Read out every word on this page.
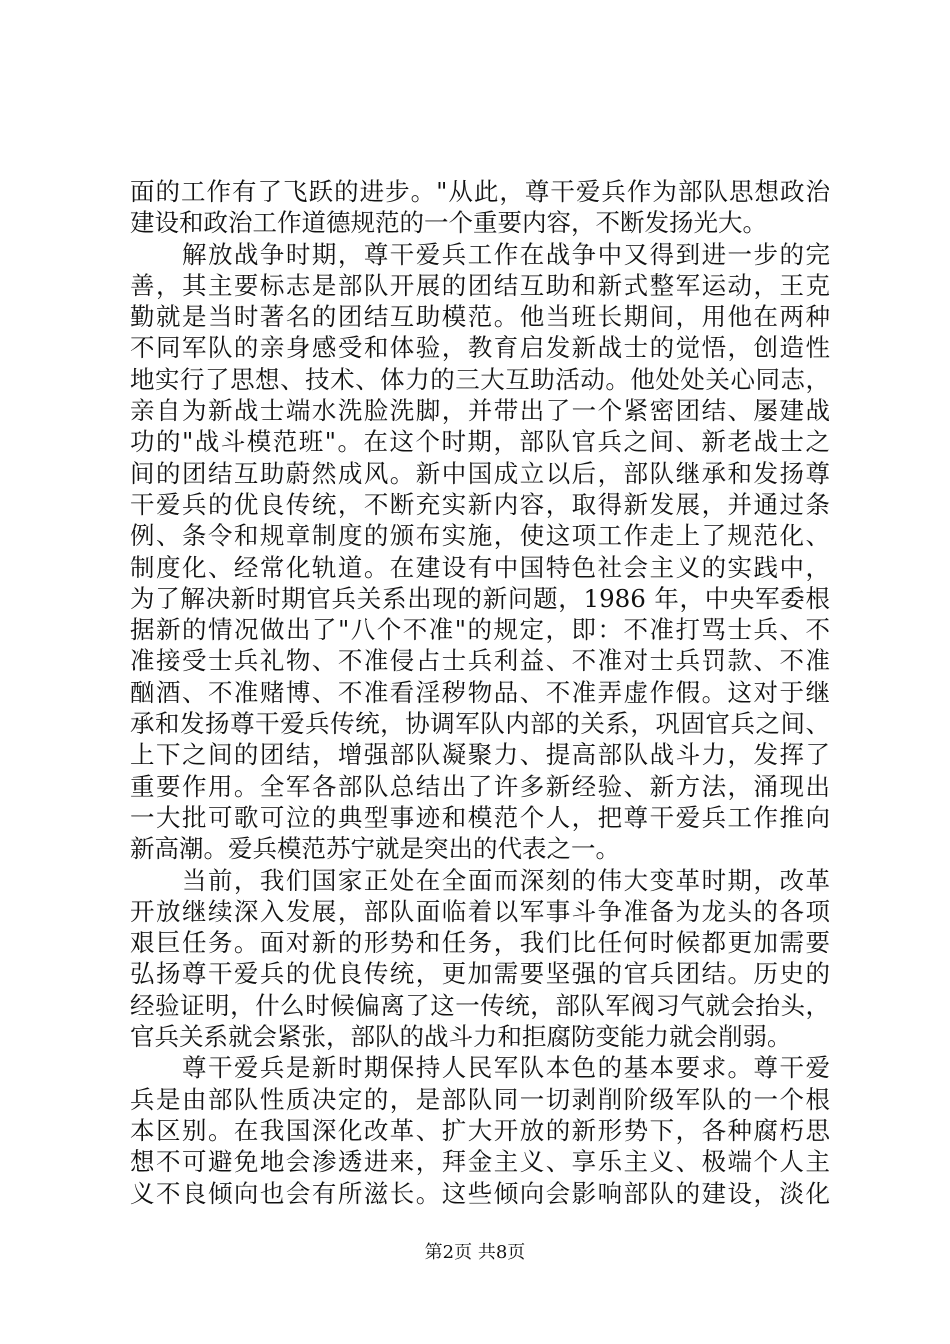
面的工作有了飞跃的进步。"从此，尊干爱兵作为部队思想政治
建设和政治工作道德规范的一个重要内容，不断发扬光大。
　　解放战争时期，尊干爱兵工作在战争中又得到进一步的完
善，其主要标志是部队开展的团结互助和新式整军运动，王克
勤就是当时著名的团结互助模范。他当班长期间，用他在两种
不同军队的亲身感受和体验，教育启发新战士的觉悟，创造性
地实行了思想、技术、体力的三大互助活动。他处处关心同志，
亲自为新战士端水洗脸洗脚，并带出了一个紧密团结、屡建战
功的"战斗模范班"。在这个时期，部队官兵之间、新老战士之
间的团结互助蔚然成风。新中国成立以后，部队继承和发扬尊
干爱兵的优良传统，不断充实新内容，取得新发展，并通过条
例、条令和规章制度的颁布实施，使这项工作走上了规范化、
制度化、经常化轨道。在建设有中国特色社会主义的实践中，
为了解决新时期官兵关系出现的新问题，1986 年，中央军委根
据新的情况做出了"八个不准"的规定，即：不准打骂士兵、不
准接受士兵礼物、不准侵占士兵利益、不准对士兵罚款、不准
酗酒、不准赌博、不准看淫秽物品、不准弄虚作假。这对于继
承和发扬尊干爱兵传统，协调军队内部的关系，巩固官兵之间、
上下之间的团结，增强部队凝聚力、提高部队战斗力，发挥了
重要作用。全军各部队总结出了许多新经验、新方法，涌现出
一大批可歌可泣的典型事迹和模范个人，把尊干爱兵工作推向
新高潮。爱兵模范苏宁就是突出的代表之一。
　　当前，我们国家正处在全面而深刻的伟大变革时期，改革
开放继续深入发展，部队面临着以军事斗争准备为龙头的各项
艰巨任务。面对新的形势和任务，我们比任何时候都更加需要
弘扬尊干爱兵的优良传统，更加需要坚强的官兵团结。历史的
经验证明，什么时候偏离了这一传统，部队军阀习气就会抬头，
官兵关系就会紧张，部队的战斗力和拒腐防变能力就会削弱。
　　尊干爱兵是新时期保持人民军队本色的基本要求。尊干爱
兵是由部队性质决定的，是部队同一切剥削阶级军队的一个根
本区别。在我国深化改革、扩大开放的新形势下，各种腐朽思
想不可避免地会渗透进来，拜金主义、享乐主义、极端个人主
义不良倾向也会有所滋长。这些倾向会影响部队的建设，淡化
第2页 共8页
